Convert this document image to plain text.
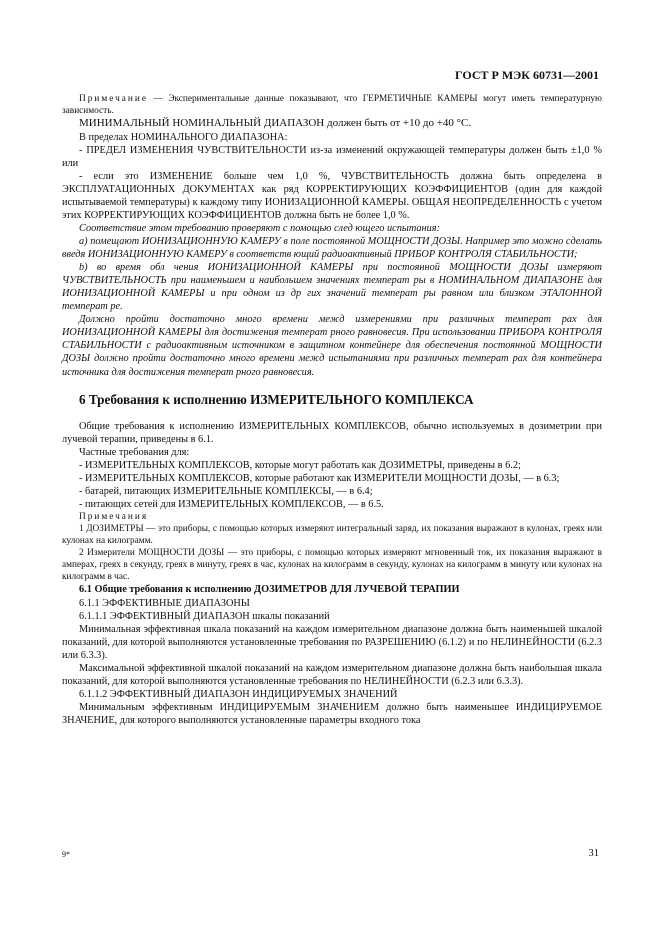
ГОСТ Р МЭК 60731—2001

Примечание — Экспериментальные данные показывают, что ГЕРМЕТИЧНЫЕ КАМЕРЫ могут иметь температурную зависимость.

МИНИМАЛЬНЫЙ НОМИНАЛЬНЫЙ ДИАПАЗОН должен быть от +10 до +40 °С.

В пределах НОМИНАЛЬНОГО ДИАПАЗОНА:

- ПРЕДЕЛ ИЗМЕНЕНИЯ ЧУВСТВИТЕЛЬНОСТИ из-за изменений окружающей температуры должен быть ±1,0 % или

- если это ИЗМЕНЕНИЕ больше чем 1,0 %, ЧУВСТВИТЕЛЬНОСТЬ должна быть определена в ЭКСПЛУАТАЦИОННЫХ ДОКУМЕНТАХ как ряд КОРРЕКТИРУЮЩИХ КОЭФФИЦИЕНТОВ (один для каждой испытываемой температуры) к каждому типу ИОНИЗАЦИОННОЙ КАМЕРЫ. ОБЩАЯ НЕОПРЕДЕЛЕННОСТЬ с учетом этих КОРРЕКТИРУЮЩИХ КОЭФФИЦИЕНТОВ должна быть не более 1,0 %.

Соответствие этом требованию проверяют с помощью след ющего испытания:

а) помещают ИОНИЗАЦИОННУЮ КАМЕРУ в поле постоянной МОЩНОСТИ ДОЗЫ. Например это можно сделать введя ИОНИЗАЦИОННУЮ КАМЕРУ в соответств ющий радиоактивный ПРИБОР КОНТРОЛЯ СТАБИЛЬНОСТИ;

b) во время обл чения ИОНИЗАЦИОННОЙ КАМЕРЫ при постоянной МОЩНОСТИ ДОЗЫ измеряют ЧУВСТВИТЕЛЬНОСТЬ при наименьшем и наибольшем значениях темпеpат ры в НОМИНАЛЬНОМ ДИАПАЗОНЕ для ИОНИЗАЦИОННОЙ КАМЕРЫ и при одном из др гих значений темпеpат ры равном или близком ЭТАЛОННОЙ темпеpат ре.

Должно пройти достаточно много времени межд измерениями при различных темпеpат рах для ИОНИЗАЦИОННОЙ КАМЕРЫ для достижения темпеpат рного равновесия. При использовании ПРИБОРА КОНТРОЛЯ СТАБИЛЬНОСТИ с радиоактивным источником в защитном контейнере для обеспечения постоянной МОЩНОСТИ ДОЗЫ должно пройти достаточно много времени межд испытаниями при различных темпеpат рах для контейнера источника для достижения темпеpат рного равновесия.

6 Требования к исполнению ИЗМЕРИТЕЛЬНОГО КОМПЛЕКСА

Общие требования к исполнению ИЗМЕРИТЕЛЬНЫХ КОМПЛЕКСОВ, обычно используемых в дозиметрии при лучевой терапии, приведены в 6.1.

Частные требования для:

- ИЗМЕРИТЕЛЬНЫХ КОМПЛЕКСОВ, которые могут работать как ДОЗИМЕТРЫ, приведены в 6.2;

- ИЗМЕРИТЕЛЬНЫХ КОМПЛЕКСОВ, которые работают как ИЗМЕРИТЕЛИ МОЩНОСТИ ДОЗЫ, — в 6.3;

- батарей, питающих ИЗМЕРИТЕЛЬНЫЕ КОМПЛЕКСЫ, — в 6.4;

- питающих сетей для ИЗМЕРИТЕЛЬНЫХ КОМПЛЕКСОВ, — в 6.5.

Примечания

1 ДОЗИМЕТРЫ — это приборы, с помощью которых измеряют интегральный заряд, их показания выражают в кулонах, греях или кулонах на килограмм.

2 Измерители МОЩНОСТИ ДОЗЫ — это приборы, с помощью которых измеряют мгновенный ток, их показания выражают в амперах, греях в секунду, греях в минуту, греях в час, кулонах на килограмм в секунду, кулонах на килограмм в минуту или кулонах на килограмм в час.

6.1 Общие требования к исполнению ДОЗИМЕТРОВ ДЛЯ ЛУЧЕВОЙ ТЕРАПИИ

6.1.1 ЭФФЕКТИВНЫЕ ДИАПАЗОНЫ

6.1.1.1 ЭФФЕКТИВНЫЙ ДИАПАЗОН шкалы показаний

Минимальная эффективная шкала показаний на каждом измерительном диапазоне должна быть наименьшей шкалой показаний, для которой выполняются установленные требования по РАЗРЕШЕНИЮ (6.1.2) и по НЕЛИНЕЙНОСТИ (6.2.3 или 6.3.3).

Максимальной эффективной шкалой показаний на каждом измерительном диапазоне должна быть наибольшая шкала показаний, для которой выполняются установленные требования по НЕЛИНЕЙНОСТИ (6.2.3 или 6.3.3).

6.1.1.2 ЭФФЕКТИВНЫЙ ДИАПАЗОН ИНДИЦИРУЕМЫХ ЗНАЧЕНИЙ

Минимальным эффективным ИНДИЦИРУЕМЫМ ЗНАЧЕНИЕМ должно быть наименьшее ИНДИЦИРУЕМОЕ ЗНАЧЕНИЕ, для которого выполняются установленные параметры входного тока

9*	31
